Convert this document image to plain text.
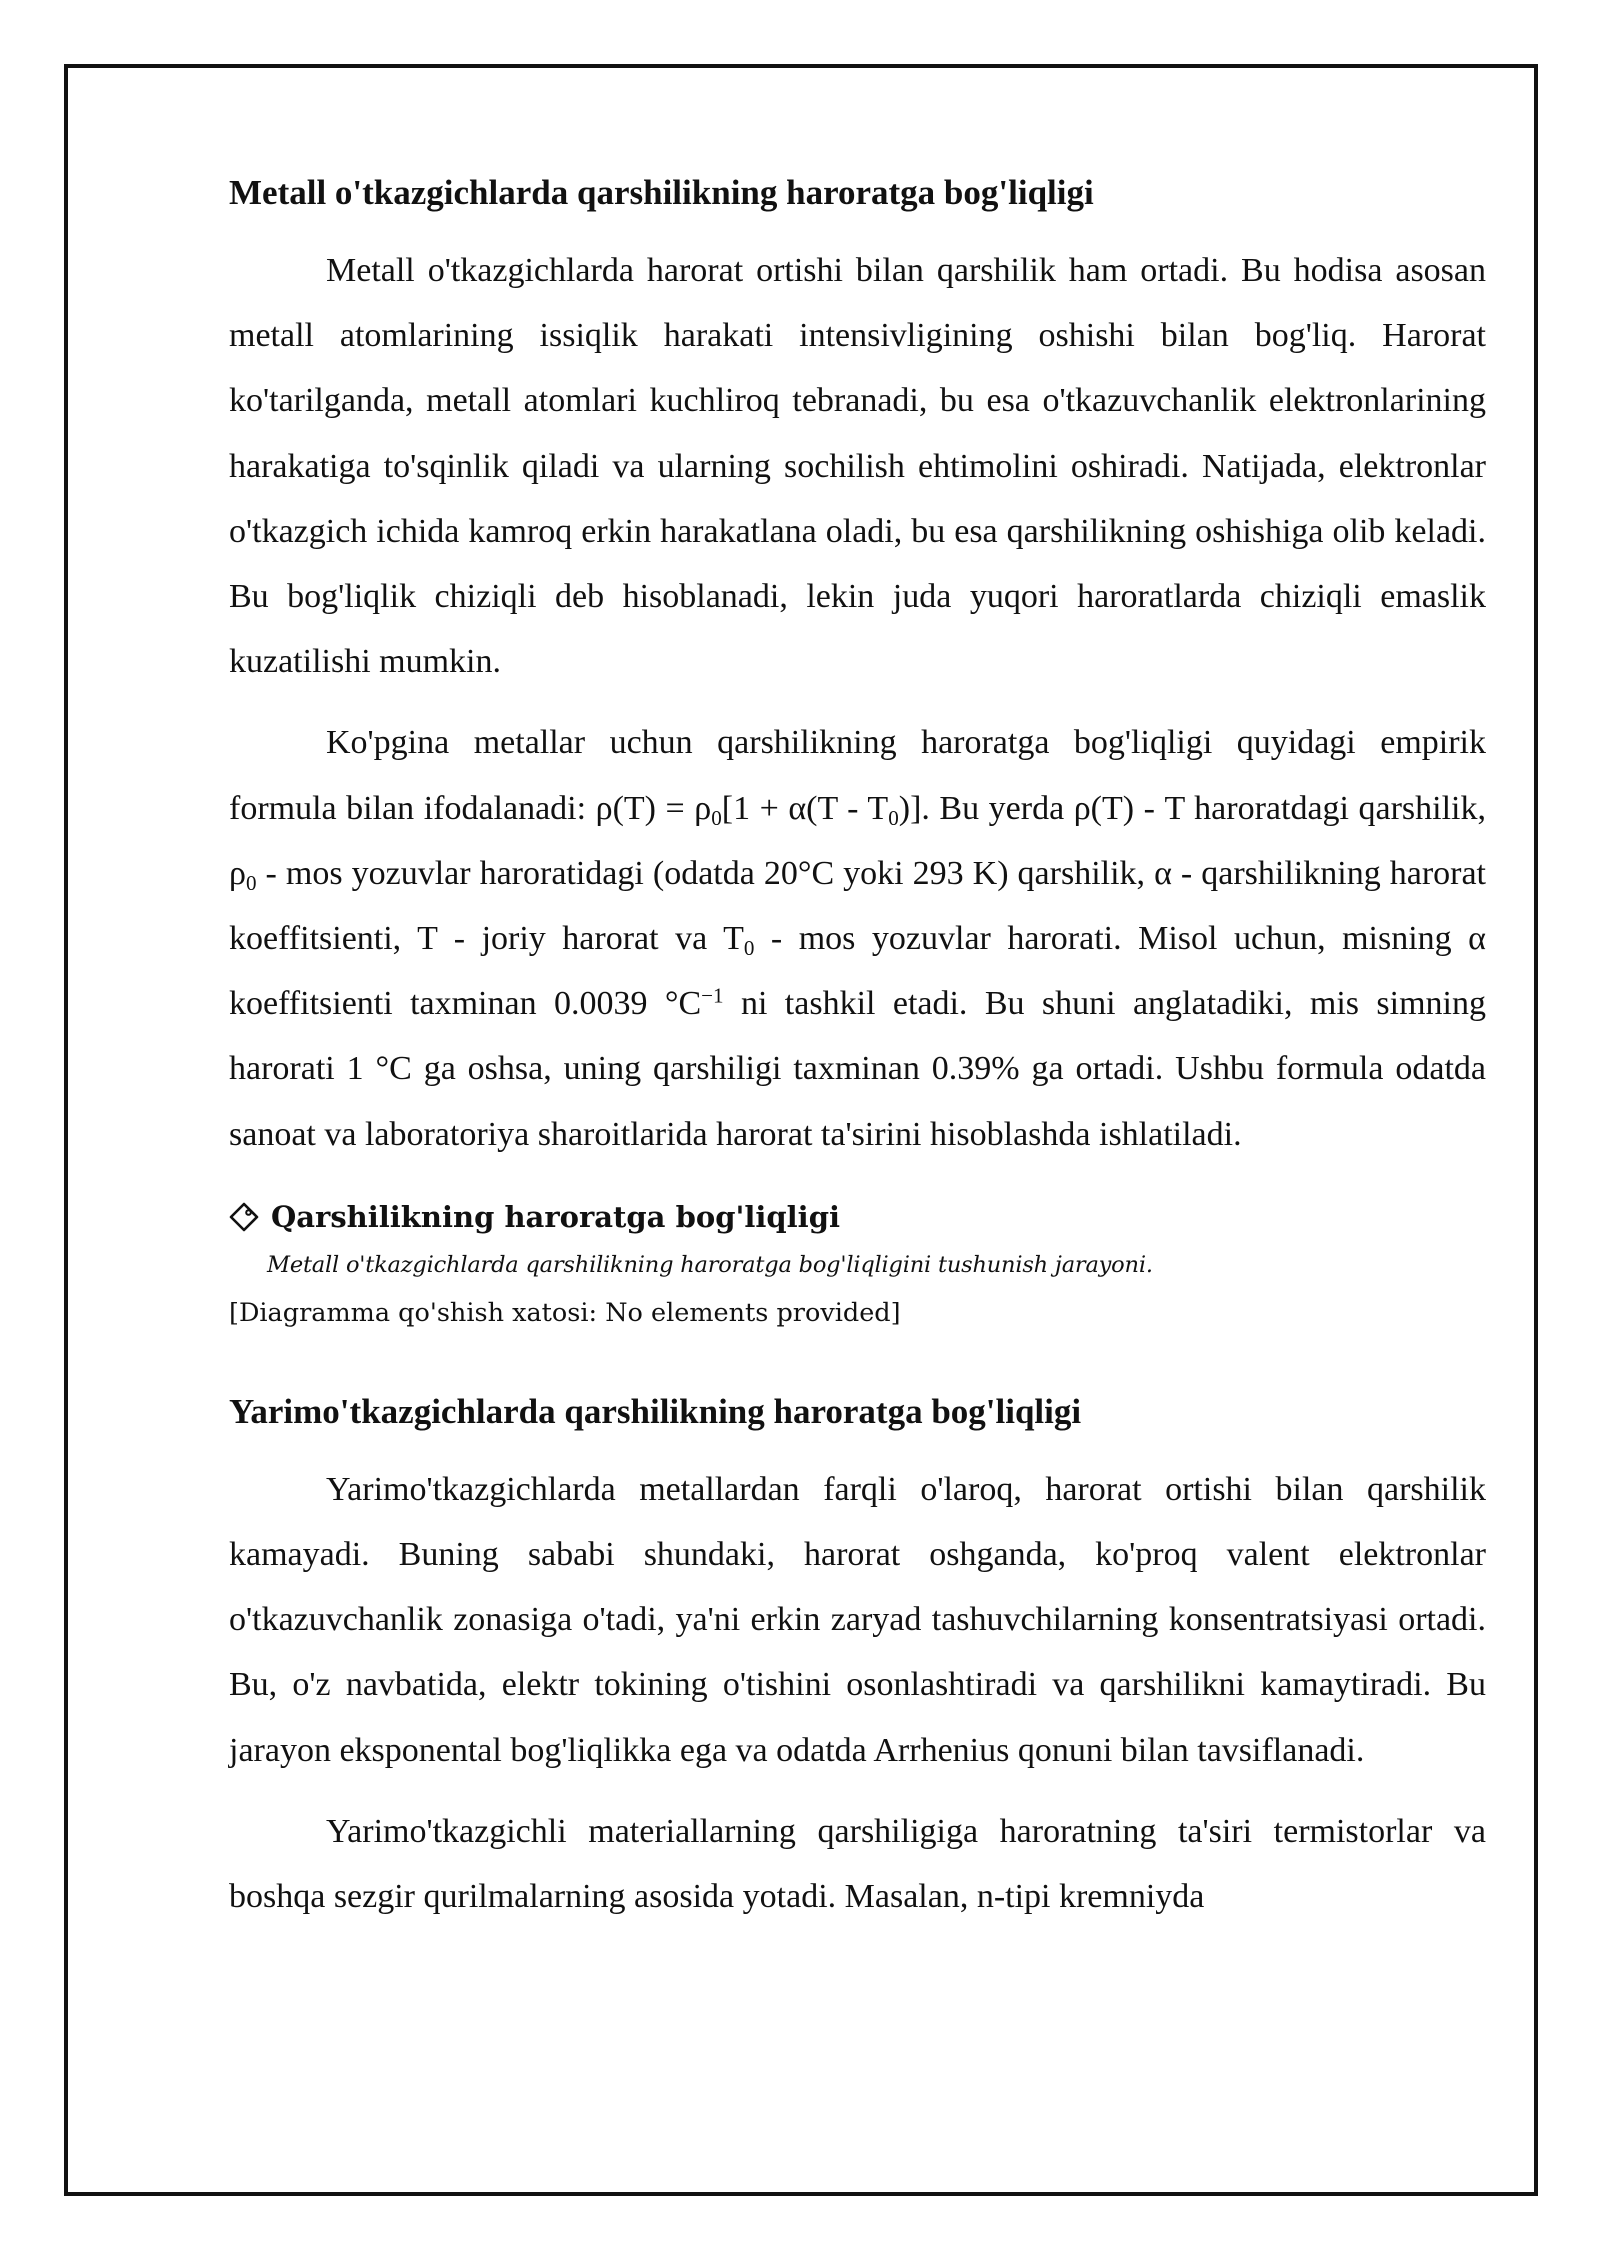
Metall o'tkazgichlarda qarshilikning haroratga bog'liqligi

Metall o'tkazgichlarda harorat ortishi bilan qarshilik ham ortadi. Bu hodisa asosan metall atomlarining issiqlik harakati intensivligining oshishi bilan bog'liq. Harorat ko'tarilganda, metall atomlari kuchliroq tebranadi, bu esa o'tkazuvchanlik elektronlarining harakatiga to'sqinlik qiladi va ularning sochilish ehtimolini oshiradi. Natijada, elektronlar o'tkazgich ichida kamroq erkin harakatlana oladi, bu esa qarshilikning oshishiga olib keladi. Bu bog'liqlik chiziqli deb hisoblanadi, lekin juda yuqori haroratlarda chiziqli emaslik kuzatilishi mumkin.

Ko'pgina metallar uchun qarshilikning haroratga bog'liqligi quyidagi empirik formula bilan ifodalanadi: $\rho(T) = \rho_0[1 + \alpha(T - T_0)]$. Bu yerda ρ(T) - T haroratdagi qarshilik, $\rho_0$ - mos yozuvlar haroratidagi (odatda 20°C yoki 293 K) qarshilik, α - qarshilikning harorat koeffitsienti, T - joriy harorat va $T_0$ - mos yozuvlar harorati. Misol uchun, misning α koeffitsienti taxminan 0.0039 $^\circ C^{-1}$ ni tashkil etadi. Bu shuni anglatadiki, mis simning harorati 1 °C ga oshsa, uning qarshiligi taxminan 0.39% ga ortadi. Ushbu formula odatda sanoat va laboratoriya sharoitlarida harorat ta'sirini hisoblashda ishlatiladi.

Qarshilikning haroratga bog'liqligi
Metall o'tkazgichlarda qarshilikning haroratga bog'liqligini tushunish jarayoni.
[Diagramma qo'shish xatosi: No elements provided]
Yarimo'tkazgichlarda qarshilikning haroratga bog'liqligi

Yarimo'tkazgichlarda metallardan farqli o'laroq, harorat ortishi bilan qarshilik kamayadi. Buning sababi shundaki, harorat oshganda, ko'proq valent elektronlar o'tkazuvchanlik zonasiga o'tadi, ya'ni erkin zaryad tashuvchilarning konsentratsiyasi ortadi. Bu, o'z navbatida, elektr tokining o'tishini osonlashtiradi va qarshilikni kamaytiradi. Bu jarayon eksponental bog'liqlikka ega va odatda Arrhenius qonuni bilan tavsiflanadi.

Yarimo'tkazgichli materiallarning qarshiligiga haroratning ta'siri termistorlar va boshqa sezgir qurilmalarning asosida yotadi. Masalan, n-tipi kremniyda
